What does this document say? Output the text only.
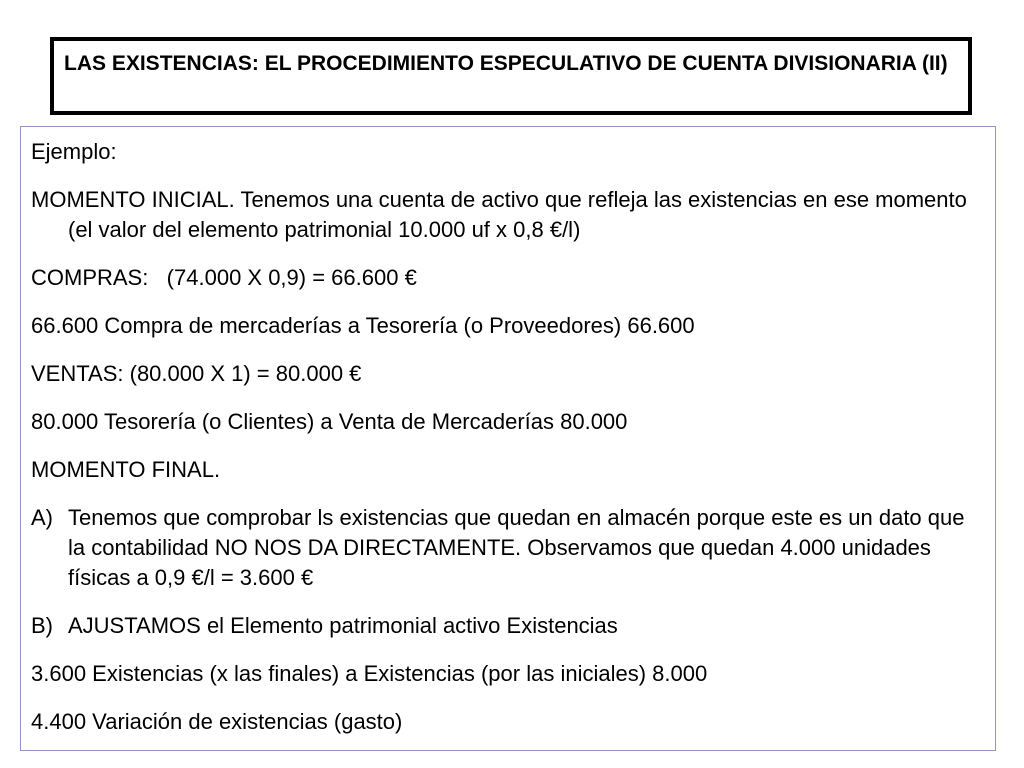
LAS EXISTENCIAS: EL PROCEDIMIENTO ESPECULATIVO DE CUENTA DIVISIONARIA (II)

Ejemplo:

MOMENTO INICIAL. Tenemos una cuenta de activo que refleja las existencias en ese momento (el valor del elemento patrimonial 10.000 uf x 0,8 €/l)

COMPRAS:   (74.000 X 0,9) = 66.600 €

66.600 Compra de mercaderías a Tesorería (o Proveedores) 66.600

VENTAS: (80.000 X 1) = 80.000 €

80.000 Tesorería (o Clientes) a Venta de Mercaderías 80.000

MOMENTO FINAL.

A) Tenemos que comprobar ls existencias que quedan en almacén porque este es un dato que la contabilidad NO NOS DA DIRECTAMENTE. Observamos que quedan 4.000 unidades físicas a 0,9 €/l = 3.600 €
B) AJUSTAMOS el Elemento patrimonial activo Existencias

3.600 Existencias (x las finales) a Existencias (por las iniciales) 8.000

4.400 Variación de existencias (gasto)
